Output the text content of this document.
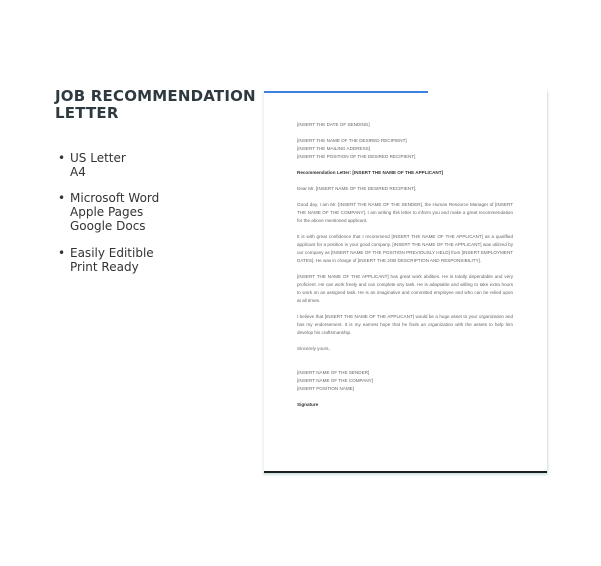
JOB RECOMMENDATION
LETTER
• US Letter
A4
• Microsoft Word
Apple Pages
Google Docs
• Easily Editible
Print Ready

[INSERT THE DATE OF SENDING]

[INSERT THE NAME OF THE DESIRED RECIPIENT]
[INSERT THE MAILING ADDRESS]
[INSERT THE POSITION OF THE DESIRED RECIPIENT]

Recommendation Letter: [INSERT THE NAME OF THE APPLICANT]

Dear Mr. [INSERT NAME OF THE DESIRED RECIPIENT],

Good day, I am Mr. [INSERT THE NAME OF THE SENDER], the Human Resource Manager of [INSERT THE NAME OF THE COMPANY]. I am writing this letter to inform you and make a great recommendation for the above mentioned applicant.

It is with great confidence that I recommend [INSERT THE NAME OF THE APPLICANT] as a qualified applicant for a position in your good company. [INSERT THE NAME OF THE APPLICANT] was utilized by our company as [INSERT NAME OF THE POSITION PREVIOUSLY HELD] from [INSERT EMPLOYMENT DATES]. He was in charge of [INSERT THE JOB DESCRIPTION AND RESPONSIBILITY].

[INSERT THE NAME OF THE APPLICANT] has great work abilities. He is totally dependable and very proficient. He can work freely and can complete any task. He is adaptable and willing to take extra hours to work on an assigned task. He is an imaginative and committed employee and who can be relied upon at all times.

I believe that [INSERT THE NAME OF THE APPLICANT] would be a huge asset to your organization and has my endorsement. It is my earnest hope that he finds an organization with the assets to help him develop his craftsmanship.

Sincerely yours,

[INSERT NAME OF THE SENDER]
[INSERT NAME OF THE COMPANY]
[INSERT POSITION NAME]

Signature
